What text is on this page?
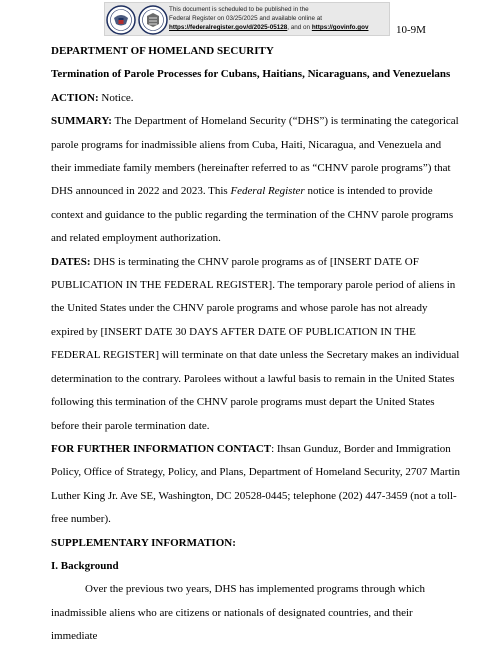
This document is scheduled to be published in the
Federal Register on 03/25/2025 and available online at
https://federalregister.gov/d/2025-05128, and on https://govinfo.gov	10-9M

DEPARTMENT OF HOMELAND SECURITY

Termination of Parole Processes for Cubans, Haitians, Nicaraguans, and Venezuelans

ACTION: Notice.

SUMMARY: The Department of Homeland Security (“DHS”) is terminating the categorical parole programs for inadmissible aliens from Cuba, Haiti, Nicaragua, and Venezuela and their immediate family members (hereinafter referred to as “CHNV parole programs”) that DHS announced in 2022 and 2023. This Federal Register notice is intended to provide context and guidance to the public regarding the termination of the CHNV parole programs and related employment authorization.

DATES: DHS is terminating the CHNV parole programs as of [INSERT DATE OF PUBLICATION IN THE FEDERAL REGISTER]. The temporary parole period of aliens in the United States under the CHNV parole programs and whose parole has not already expired by [INSERT DATE 30 DAYS AFTER DATE OF PUBLICATION IN THE FEDERAL REGISTER] will terminate on that date unless the Secretary makes an individual determination to the contrary. Parolees without a lawful basis to remain in the United States following this termination of the CHNV parole programs must depart the United States before their parole termination date.

FOR FURTHER INFORMATION CONTACT: Ihsan Gunduz, Border and Immigration Policy, Office of Strategy, Policy, and Plans, Department of Homeland Security, 2707 Martin Luther King Jr. Ave SE, Washington, DC 20528-0445; telephone (202) 447-3459 (not a toll-free number).

SUPPLEMENTARY INFORMATION:

I. Background

Over the previous two years, DHS has implemented programs through which inadmissible aliens who are citizens or nationals of designated countries, and their immediate
